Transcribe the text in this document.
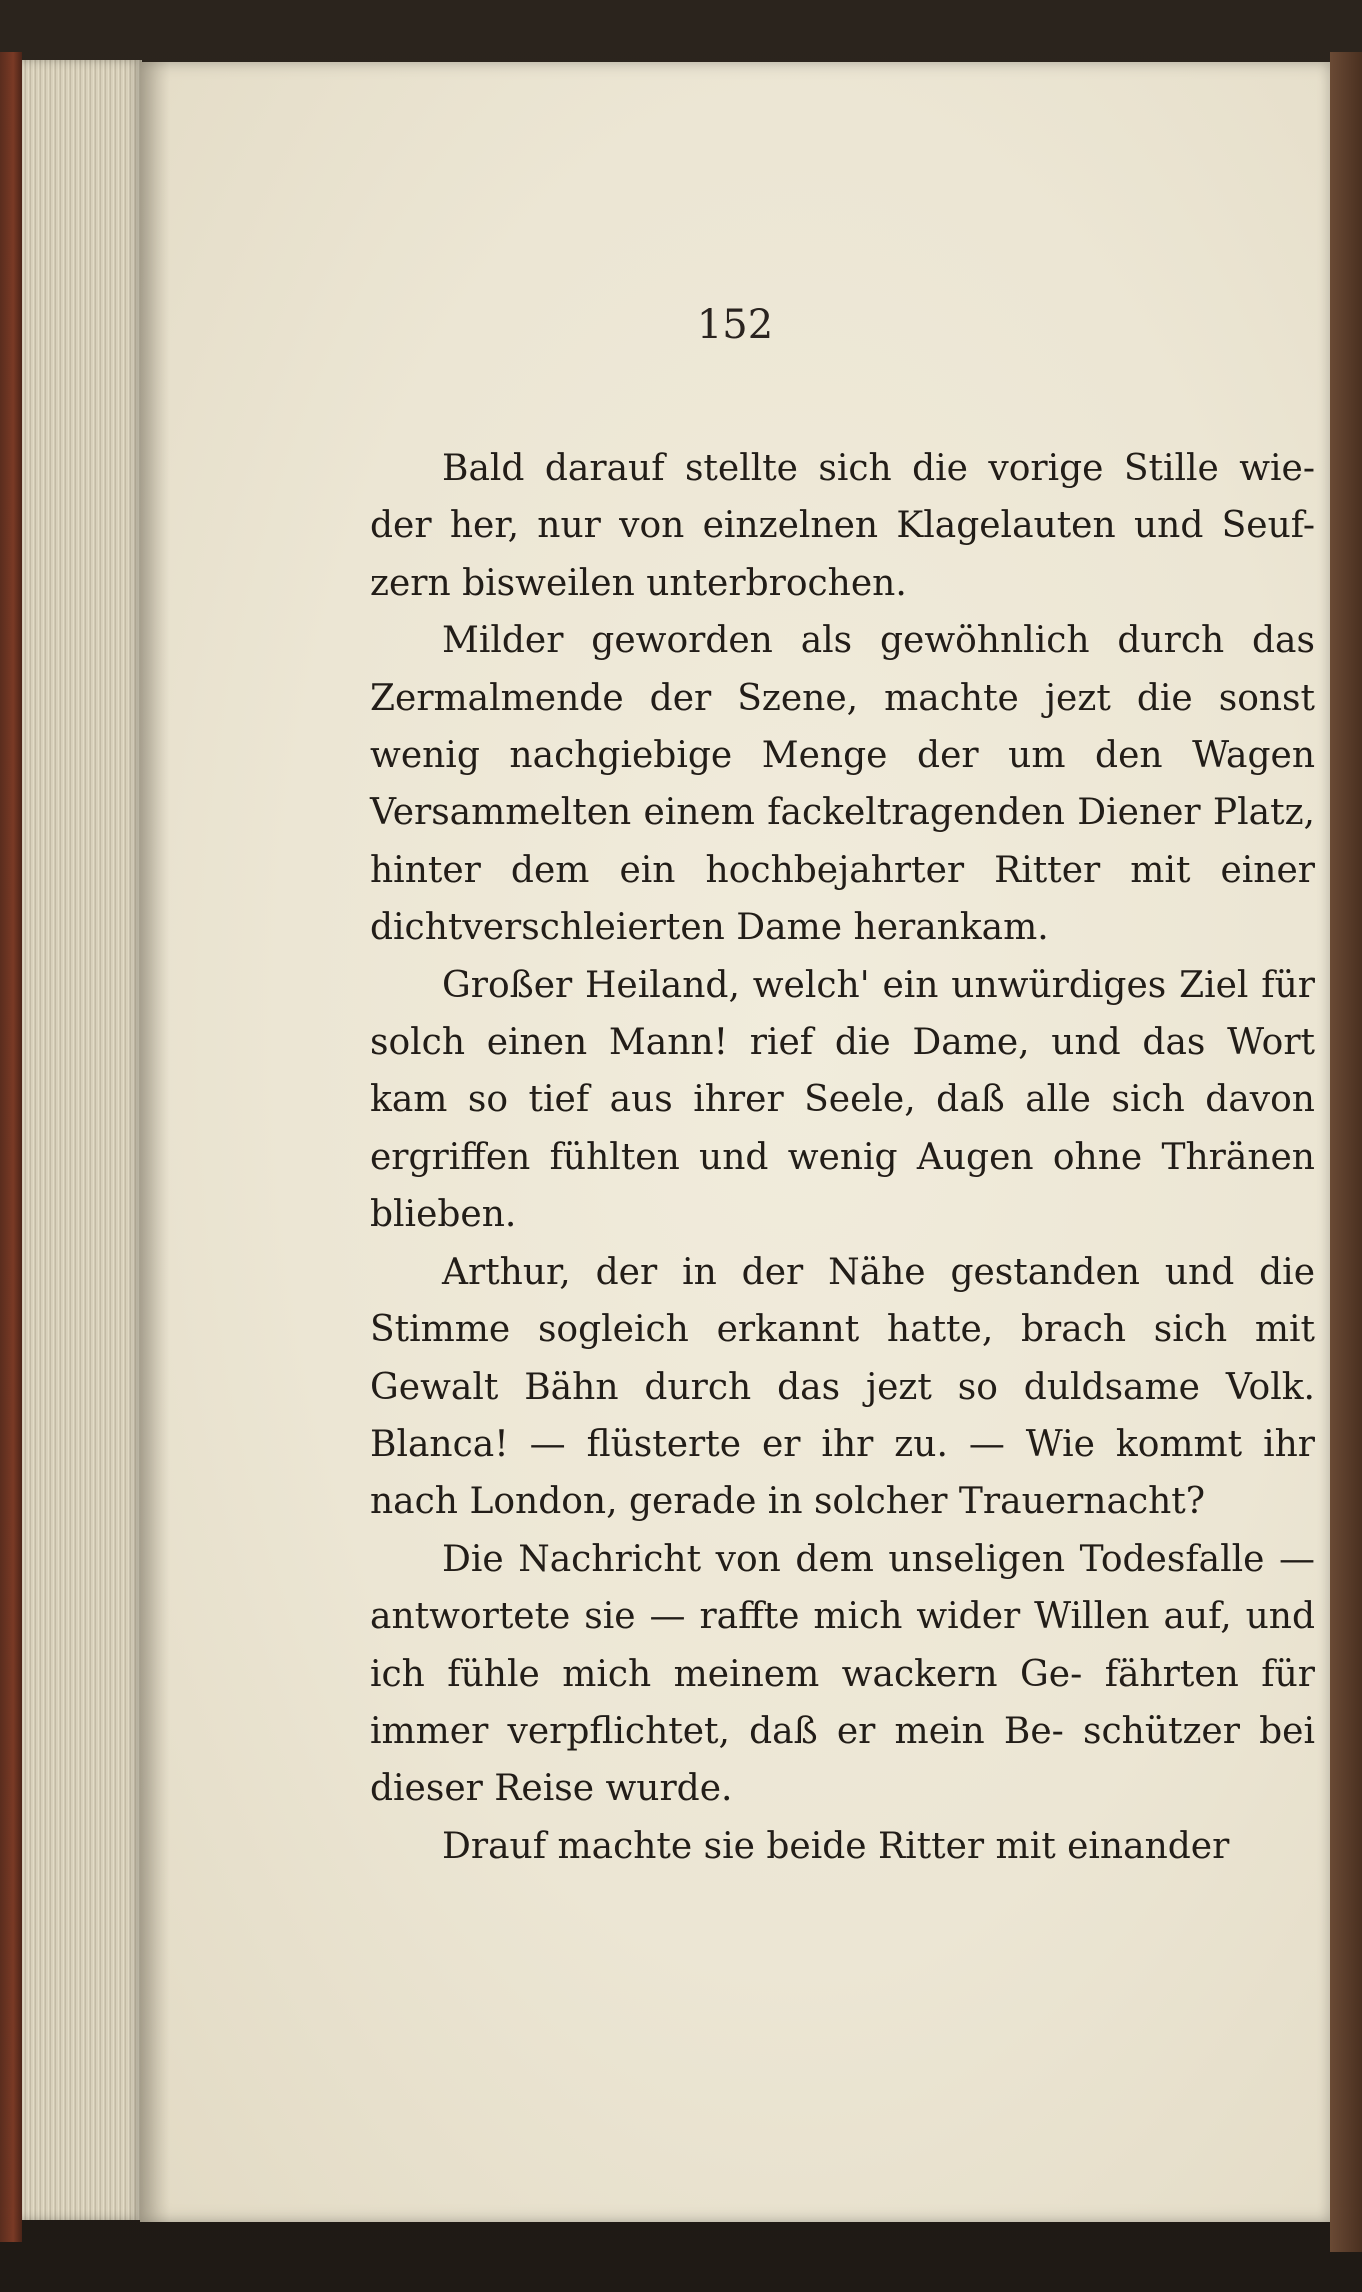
152

Bald darauf stellte sich die vorige Stille wie- der her, nur von einzelnen Klagelauten und Seuf- zern bisweilen unterbrochen.

Milder geworden als gewöhnlich durch das Zermalmende der Szene, machte jezt die sonst wenig nachgiebige Menge der um den Wagen Versammelten einem fackeltragenden Diener Platz, hinter dem ein hochbejahrter Ritter mit einer dichtverschleierten Dame herankam.

Großer Heiland, welch' ein unwürdiges Ziel für solch einen Mann! rief die Dame, und das Wort kam so tief aus ihrer Seele, daß alle sich davon ergriffen fühlten und wenig Augen ohne Thränen blieben.

Arthur, der in der Nähe gestanden und die Stimme sogleich erkannt hatte, brach sich mit Gewalt Bähn durch das jezt so duldsame Volk. Blanca! — flüsterte er ihr zu. — Wie kommt ihr nach London, gerade in solcher Trauernacht?

Die Nachricht von dem unseligen Todesfalle — antwortete sie — raffte mich wider Willen auf, und ich fühle mich meinem wackern Ge- fährten für immer verpflichtet, daß er mein Be- schützer bei dieser Reise wurde.

Drauf machte sie beide Ritter mit einander
